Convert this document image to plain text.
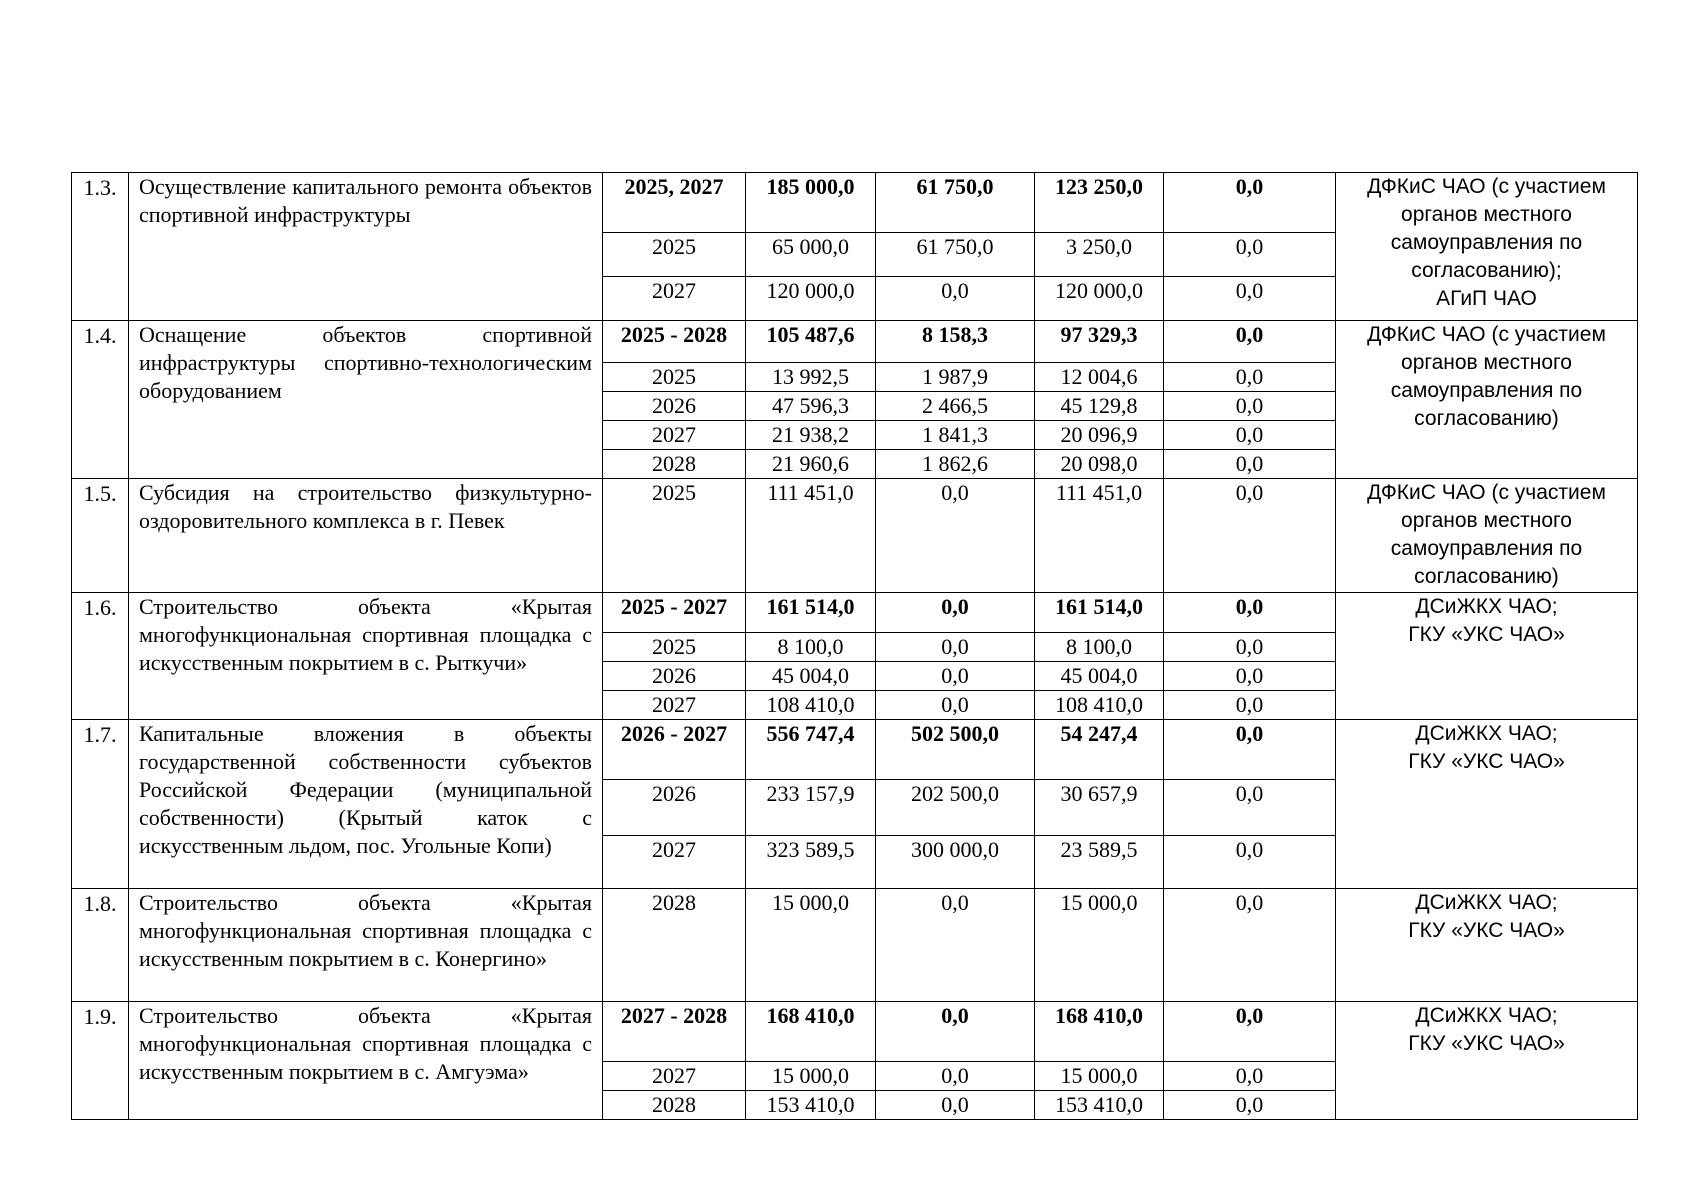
1.3.	Осуществление капитального ремонта объектов спортивной инфраструктуры	2025, 2027	185 000,0	61 750,0	123 250,0	0,0	ДФКиС ЧАО (с участием
органов местного
самоуправления по
согласованию);
АГиП ЧАО

		2025	65 000,0	61 750,0	3 250,0	0,0	
		2027	120 000,0	0,0	120 000,0	0,0	
1.4.	Оснащение объектов спортивной инфраструктуры спортивно-технологическим оборудованием	2025 - 2028	105 487,6	8 158,3	97 329,3	0,0	ДФКиС ЧАО (с участием
органов местного
самоуправления по
согласованию)

		2025	13 992,5	1 987,9	12 004,6	0,0	
		2026	47 596,3	2 466,5	45 129,8	0,0	
		2027	21 938,2	1 841,3	20 096,9	0,0	
		2028	21 960,6	1 862,6	20 098,0	0,0	
1.5.	Субсидия на строительство физкультурно-оздоровительного комплекса в г. Певек	2025	111 451,0	0,0	111 451,0	0,0	ДФКиС ЧАО (с участием
органов местного
самоуправления по
согласованию)

1.6.	Строительство объекта «Крытая многофункциональная спортивная площадка с искусственным покрытием в с. Рыткучи»	2025 - 2027	161 514,0	0,0	161 514,0	0,0	ДСиЖКХ ЧАО;
ГКУ «УКС ЧАО»

		2025	8 100,0	0,0	8 100,0	0,0	
		2026	45 004,0	0,0	45 004,0	0,0	
		2027	108 410,0	0,0	108 410,0	0,0	
1.7.	Капитальные вложения в объекты государственной собственности субъектов Российской Федерации (муниципальной собственности) (Крытый каток с искусственным льдом, пос. Угольные Копи)	2026 - 2027	556 747,4	502 500,0	54 247,4	0,0	ДСиЖКХ ЧАО;
ГКУ «УКС ЧАО»

		2026	233 157,9	202 500,0	30 657,9	0,0	
		2027	323 589,5	300 000,0	23 589,5	0,0	
1.8.	Строительство объекта «Крытая многофункциональная спортивная площадка с искусственным покрытием в с. Конергино»	2028	15 000,0	0,0	15 000,0	0,0	ДСиЖКХ ЧАО;
ГКУ «УКС ЧАО»

1.9.	Строительство объекта «Крытая многофункциональная спортивная площадка с искусственным покрытием в с. Амгуэма»	2027 - 2028	168 410,0	0,0	168 410,0	0,0	ДСиЖКХ ЧАО;
ГКУ «УКС ЧАО»

		2027	15 000,0	0,0	15 000,0	0,0	
		2028	153 410,0	0,0	153 410,0	0,0	
